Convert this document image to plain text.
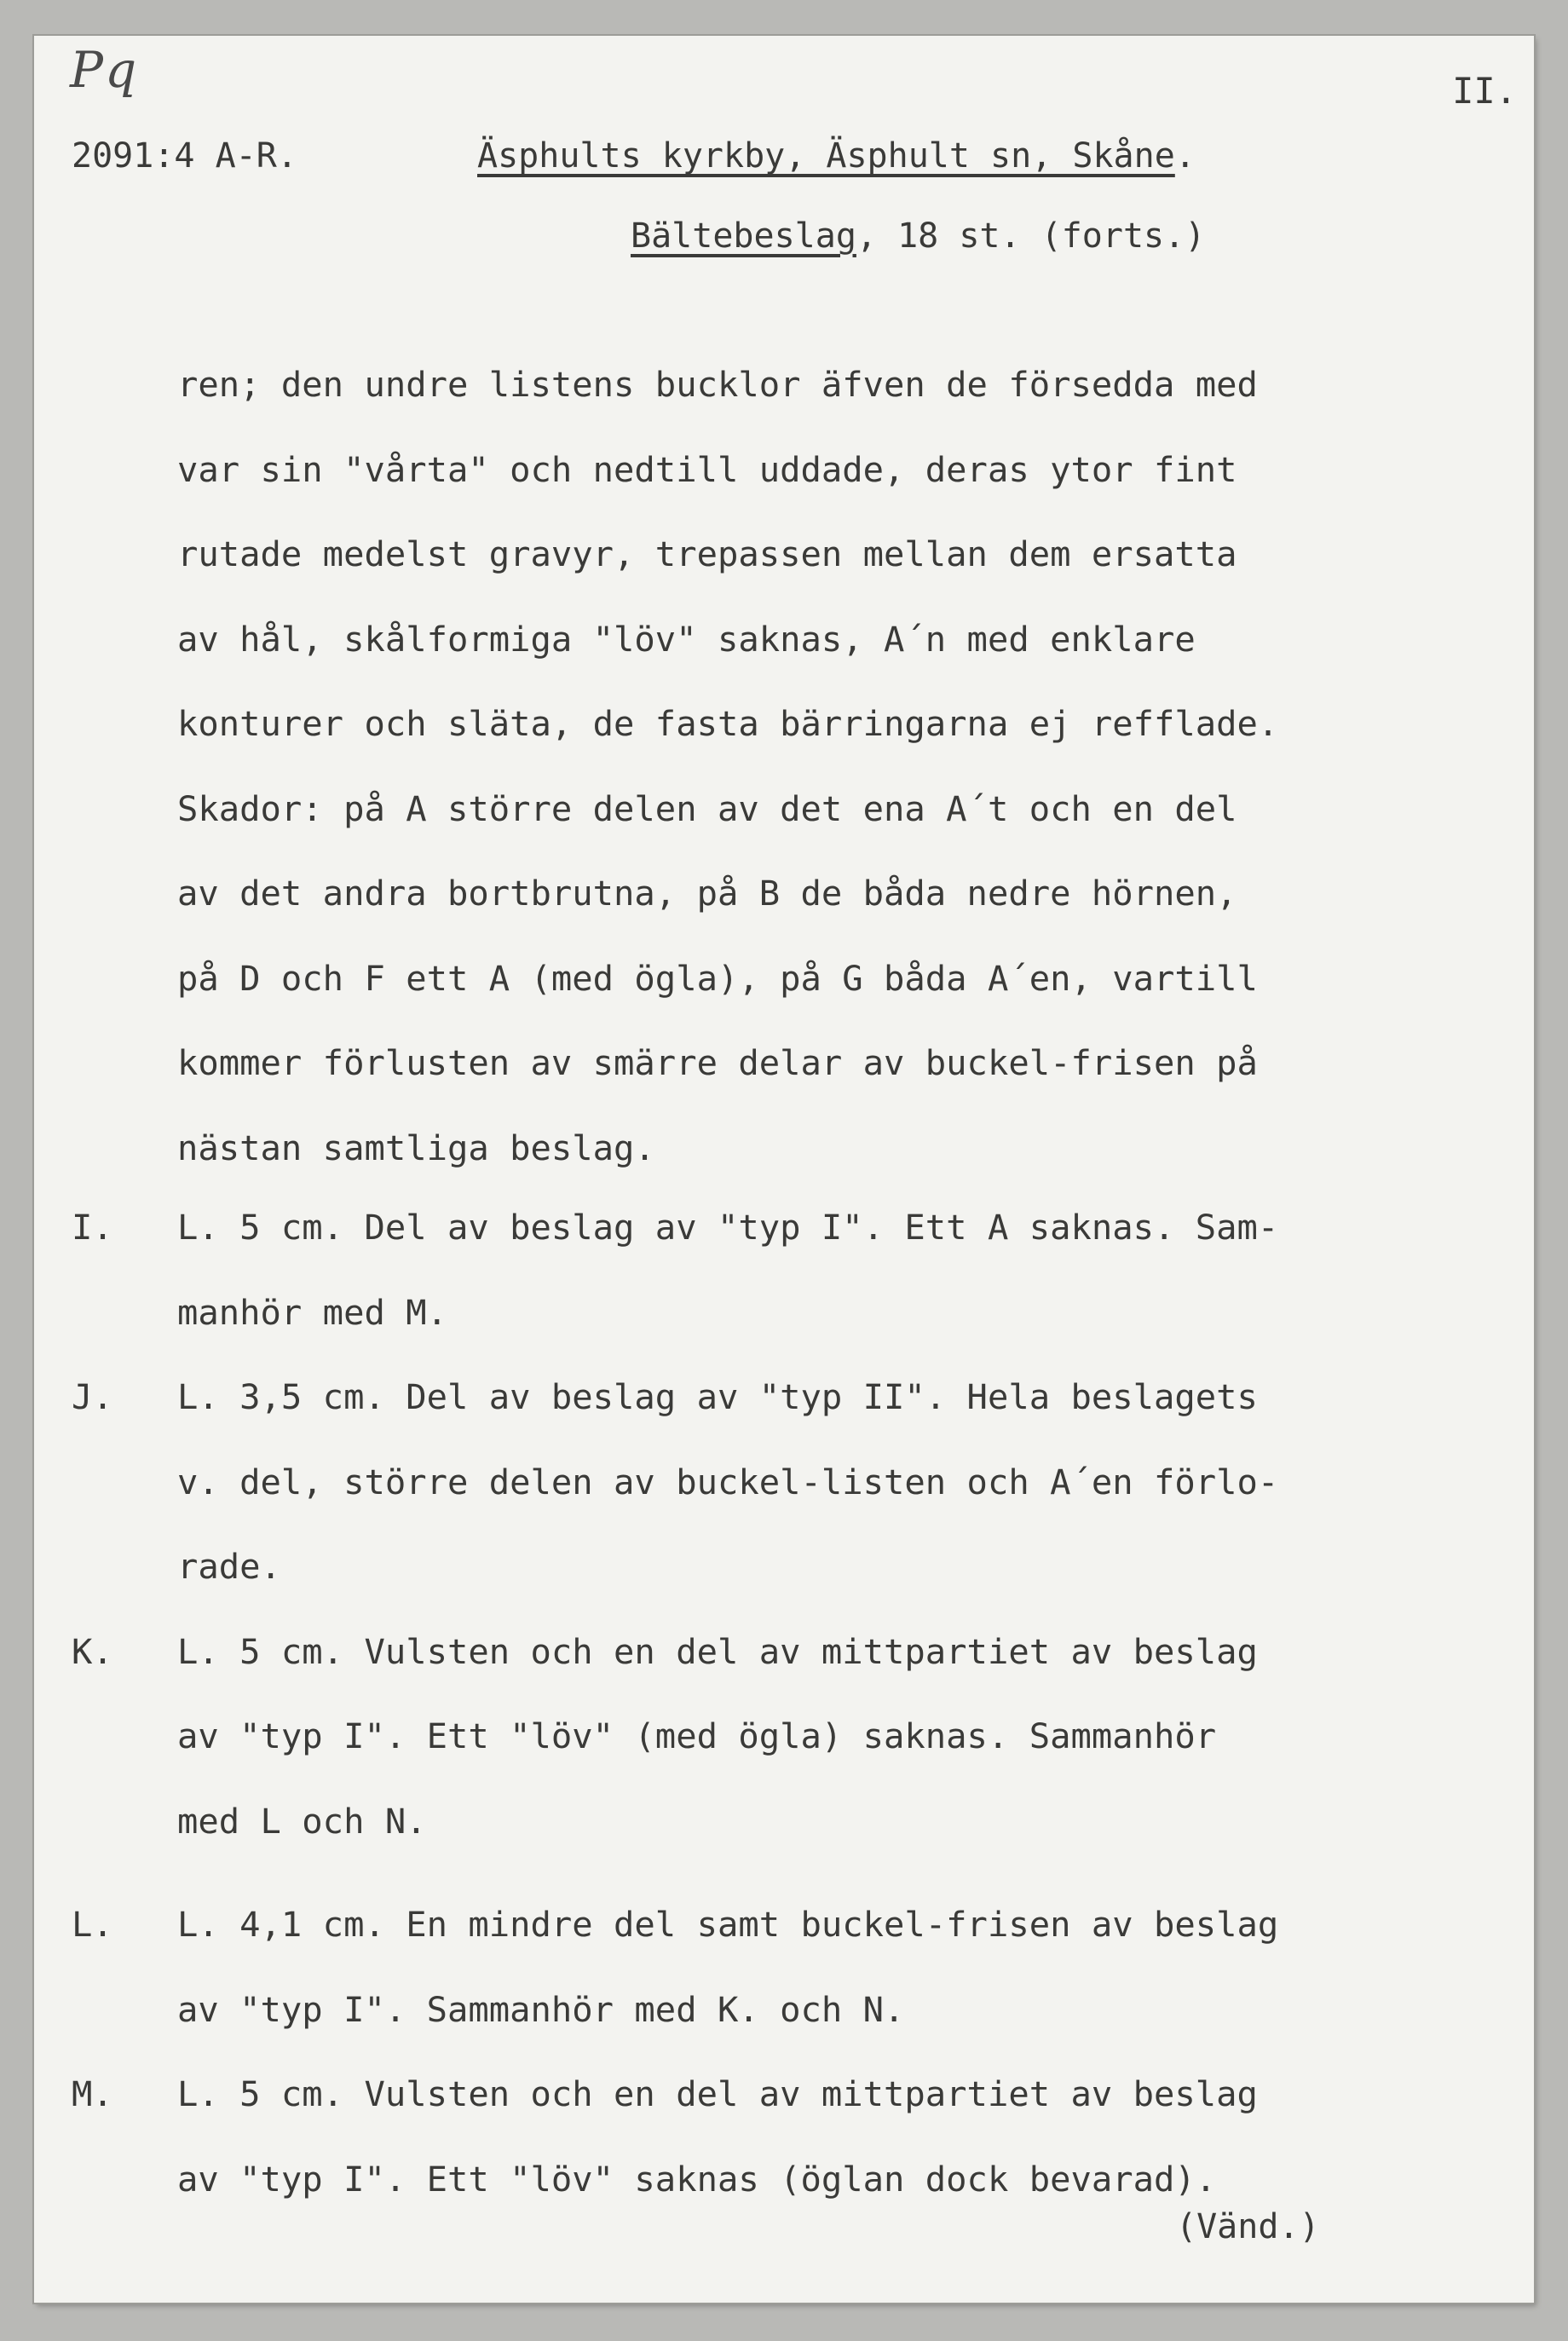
Pq	II.
2091:4 A-R.	Äsphults kyrkby, Äsphult sn, Skåne.
Bältebeslag, 18 st. (forts.)
ren; den undre listens bucklor äfven de försedda med
var sin "vårta" och nedtill uddade, deras ytor fint
rutade medelst gravyr, trepassen mellan dem ersatta
av hål, skålformiga "löv" saknas, A´n med enklare
konturer och släta, de fasta bärringarna ej refflade.
Skador: på A större delen av det ena A´t och en del
av det andra bortbrutna, på B de båda nedre hörnen,
på D och F ett A (med ögla), på G båda A´en, vartill
kommer förlusten av smärre delar av buckel-frisen på
nästan samtliga beslag.
I. L. 5 cm. Del av beslag av "typ I". Ett A saknas. Sam-
manhör med M.
J. L. 3,5 cm. Del av beslag av "typ II". Hela beslagets
v. del, större delen av buckel-listen och A´en förlo-
rade.
K. L. 5 cm. Vulsten och en del av mittpartiet av beslag
av "typ I". Ett "löv" (med ögla) saknas. Sammanhör
med L och N.
L. L. 4,1 cm. En mindre del samt buckel-frisen av beslag
av "typ I". Sammanhör med K. och N.
M. L. 5 cm. Vulsten och en del av mittpartiet av beslag
av "typ I". Ett "löv" saknas (öglan dock bevarad).
(Vänd.)
